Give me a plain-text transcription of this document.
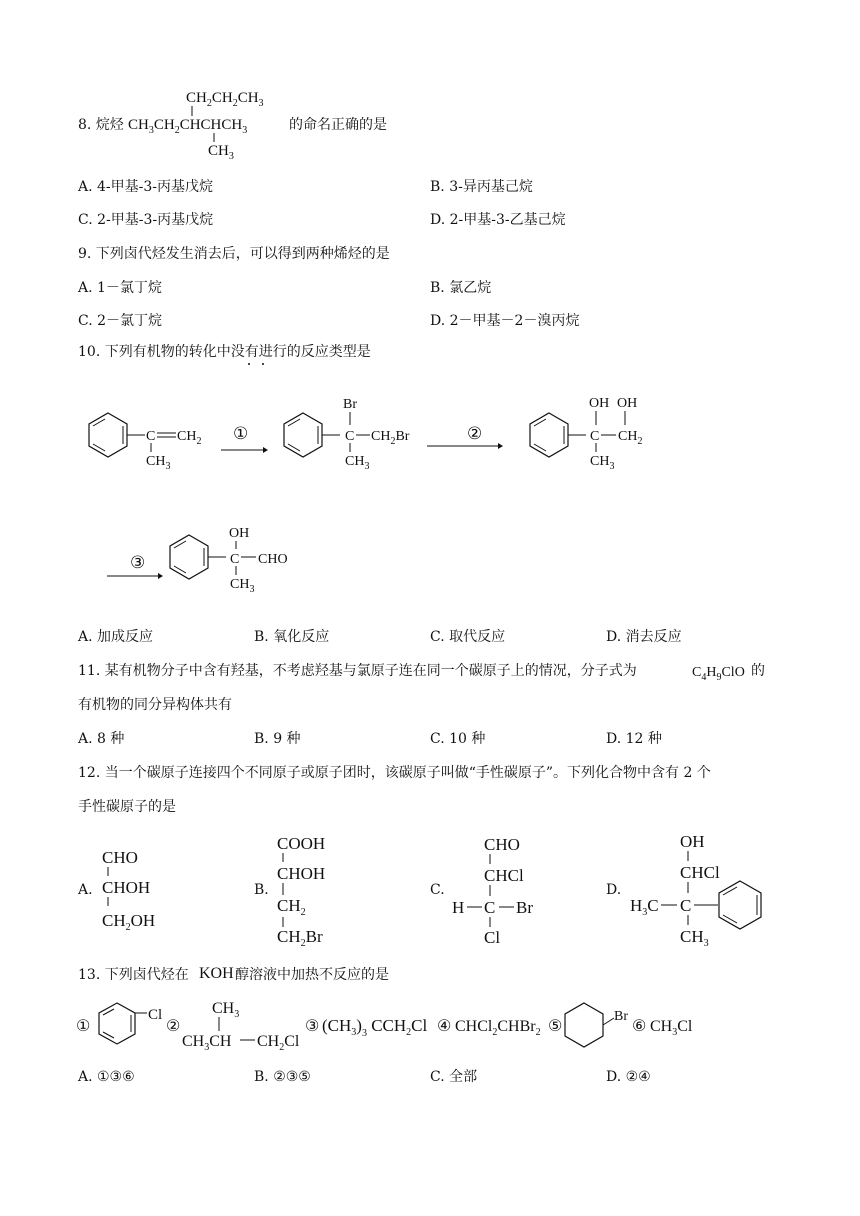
8. 烷烃
$CH_2CH_2CH_3$
$CH_3CH_2CHCHCH_3$
$CH_3$
的命名正确的是
A. 4-甲基-3-丙基戊烷	B. 3-异丙基己烷
C. 2-甲基-3-丙基戊烷	D. 2-甲基-3-乙基己烷
9. 下列卤代烃发生消去后，可以得到两种烯烃的是
A. 1－氯丁烷	B. 氯乙烷
C. 2－氯丁烷	D. 2－甲基－2－溴丙烷
10. 下列有机物的转化中没有进行的反应类型是
C $CH_2$
$CH_3$
①
Br
C $CH_2Br$
$CH_3$
②
OH OH
C $CH_2$
$CH_3$
③
OH
C CHO
$CH_3$
A. 加成反应	B. 氧化反应	C. 取代反应	D. 消去反应
11. 某有机物分子中含有羟基，不考虑羟基与氯原子连在同一个碳原子上的情况，分子式为	$C_4H_9ClO$ 的
有机物的同分异构体共有
A. 8 种	B. 9 种	C. 10 种	D. 12 种
12. 当一个碳原子连接四个不同原子或原子团时，该碳原子叫做“手性碳原子”。下列化合物中含有 2 个
手性碳原子的是
A.	B.	C.	D.
CHO
CHOH
$CH_2OH$
COOH
CHOH
$CH_2$
$CH_2Br$
CHO
CHCl
H C Br
Cl
OH
CHCl
$H_3C$ C
$CH_3$
13. 下列卤代烃在 KOH 醇溶液中加热不反应的是
①
Cl
②
$CH_3$
$CH_3CH$ $CH_2Cl$
③ $(CH_3)_3$ $CCH_2Cl$ ④ CHCl$_2$CHBr$_2$ ⑤
Br
⑥ $CH_3Cl$
A. ①③⑥	B. ②③⑤	C. 全部	D. ②④
